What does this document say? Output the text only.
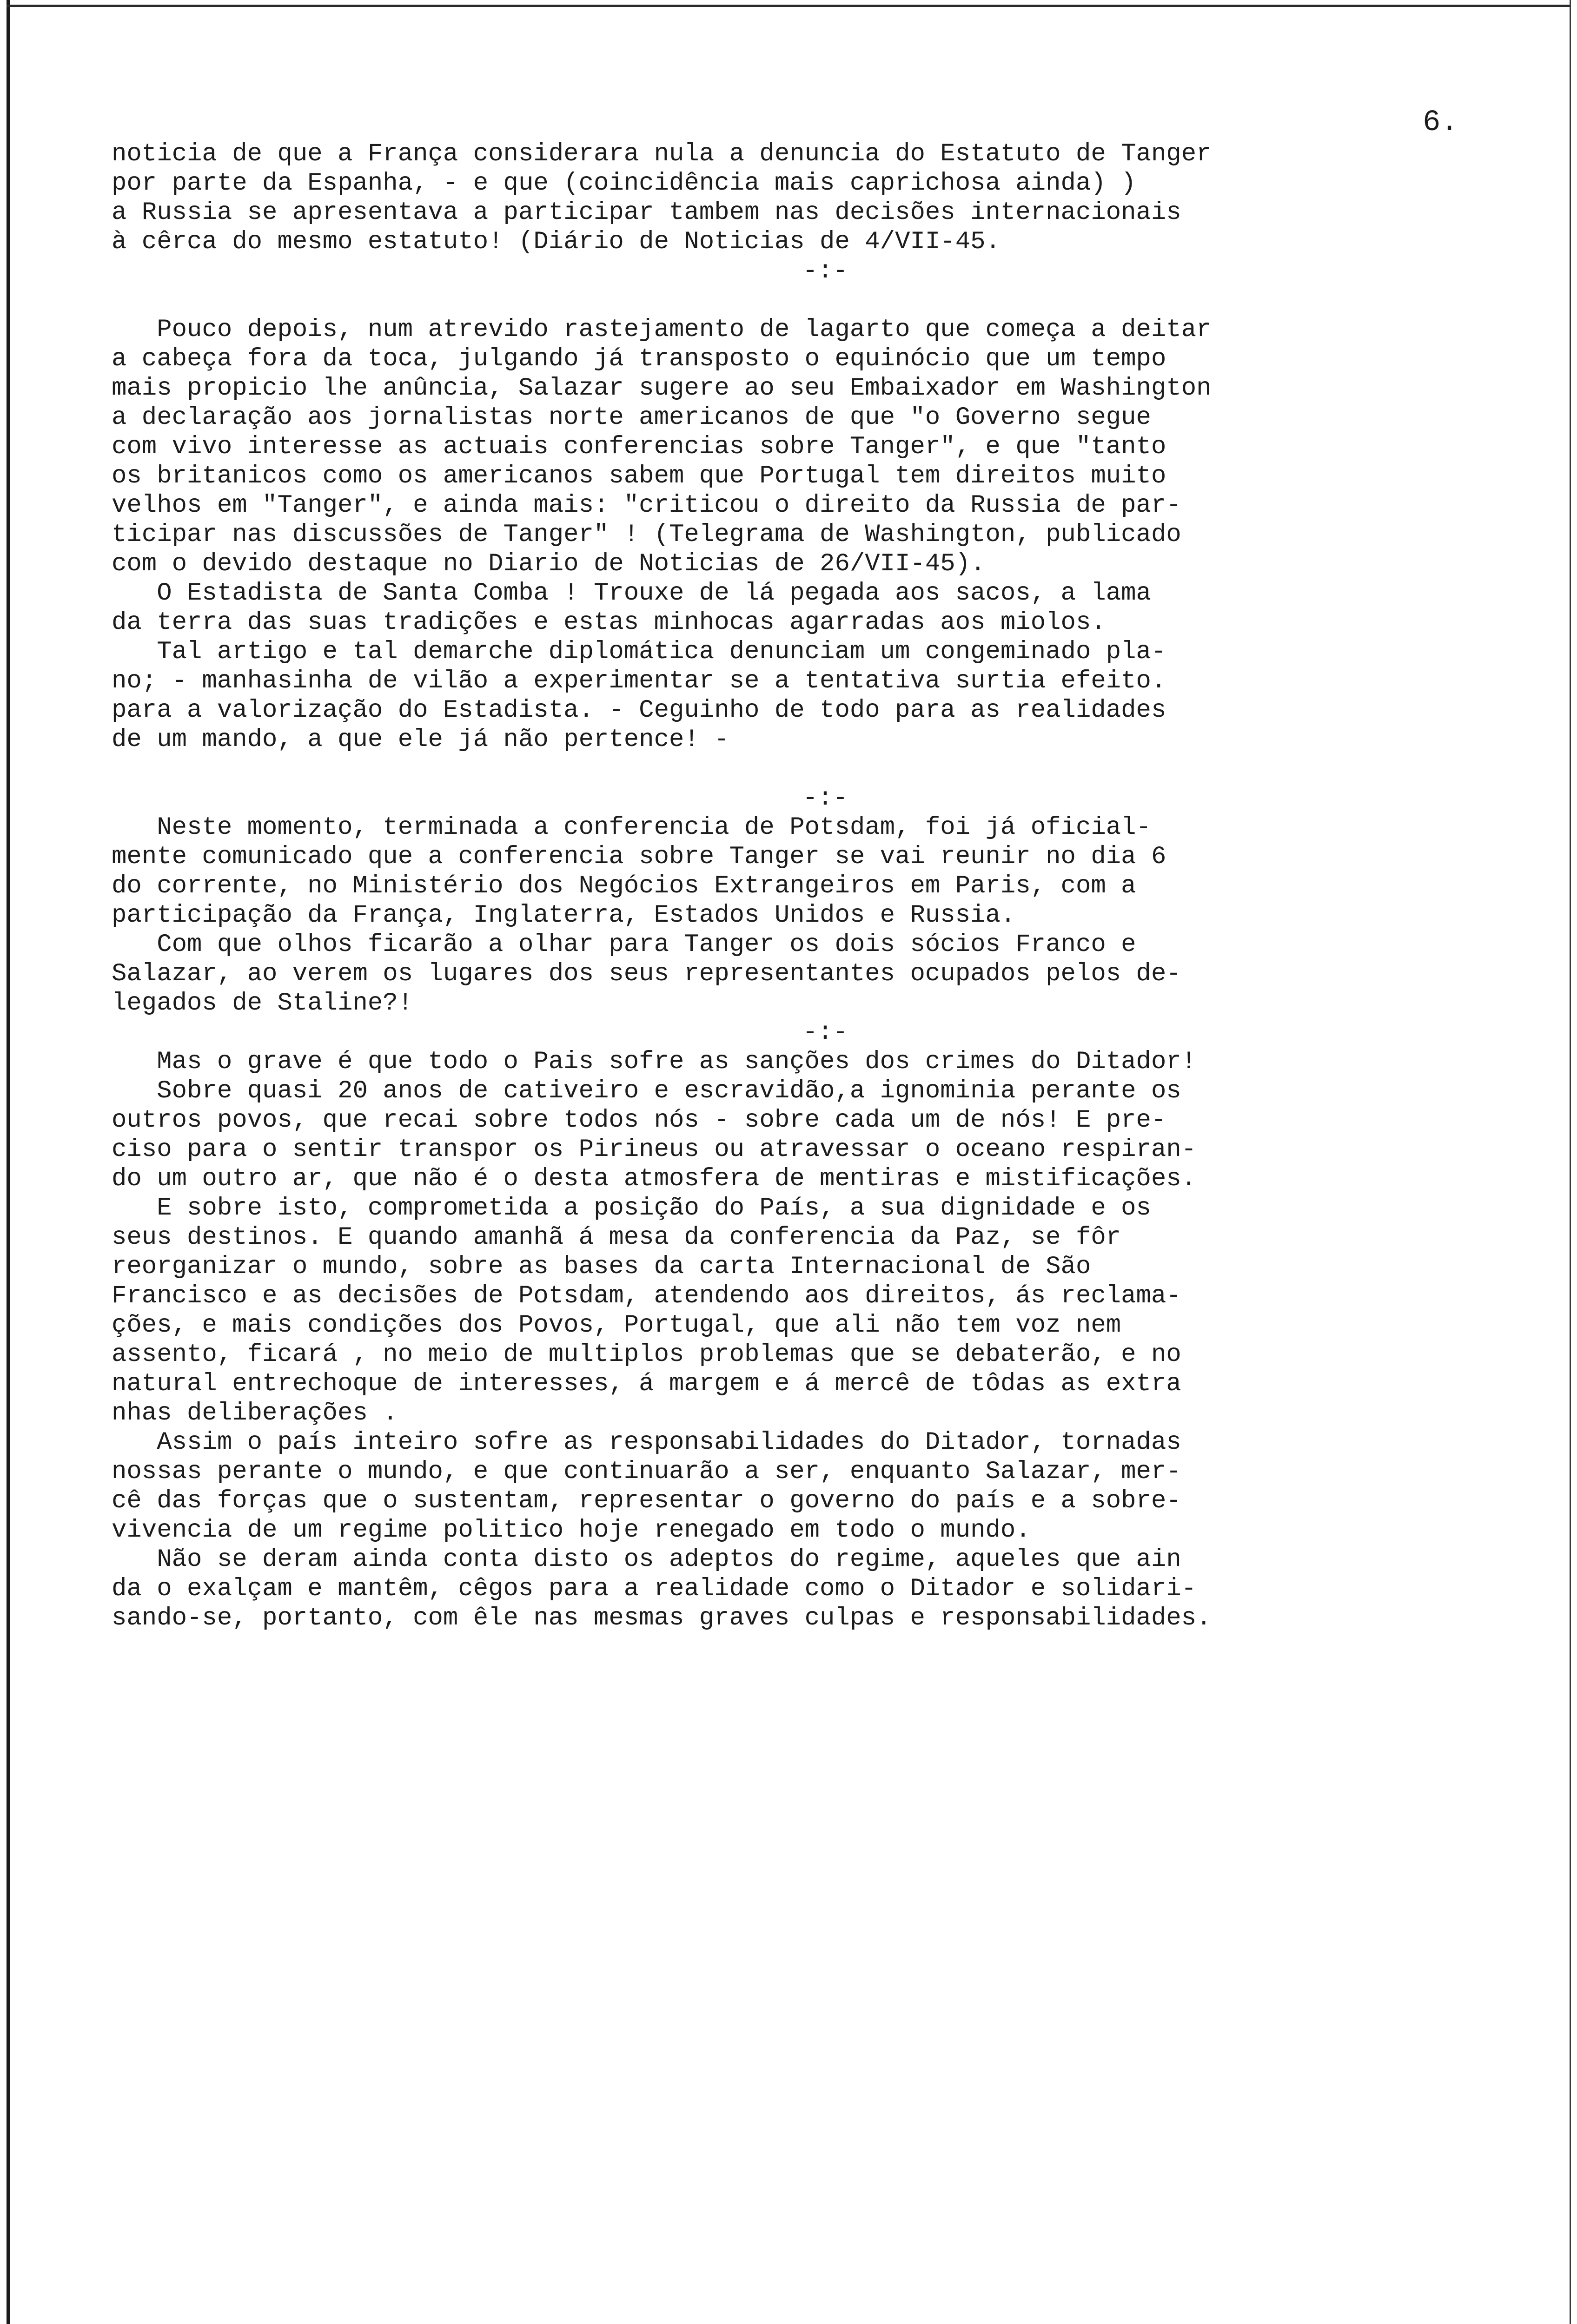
6.

noticia de que a França considerara nula a denuncia do Estatuto de Tanger
por parte da Espanha, - e que (coincidência mais caprichosa ainda) )
a Russia se apresentava a participar tambem nas decisões internacionais
à cêrca do mesmo estatuto! (Diário de Noticias de 4/VII-45.
-:-
Pouco depois, num atrevido rastejamento de lagarto que começa a deitar
a cabeça fora da toca, julgando já transposto o equinócio que um tempo
mais propicio lhe anûncia, Salazar sugere ao seu Embaixador em Washington
a declaração aos jornalistas norte americanos de que "o Governo segue
com vivo interesse as actuais conferencias sobre Tanger", e que "tanto
os britanicos como os americanos sabem que Portugal tem direitos muito
velhos em "Tanger", e ainda mais: "criticou o direito da Russia de par-
ticipar nas discussões de Tanger" ! (Telegrama de Washington, publicado
com o devido destaque no Diario de Noticias de 26/VII-45).
O Estadista de Santa Comba ! Trouxe de lá pegada aos sacos, a lama
da terra das suas tradições e estas minhocas agarradas aos miolos.
Tal artigo e tal demarche diplomática denunciam um congeminado pla-
no; - manhasinha de vilão a experimentar se a tentativa surtia efeito.
para a valorização do Estadista. - Ceguinho de todo para as realidades
de um mando, a que ele já não pertence! -
-:-
Neste momento, terminada a conferencia de Potsdam, foi já oficial-
mente comunicado que a conferencia sobre Tanger se vai reunir no dia 6
do corrente, no Ministério dos Negócios Extrangeiros em Paris, com a
participação da França, Inglaterra, Estados Unidos e Russia.
Com que olhos ficarão a olhar para Tanger os dois sócios Franco e
Salazar, ao verem os lugares dos seus representantes ocupados pelos de-
legados de Staline?!
-:-
Mas o grave é que todo o Pais sofre as sanções dos crimes do Ditador!
Sobre quasi 20 anos de cativeiro e escravidão,a ignominia perante os
outros povos, que recai sobre todos nós - sobre cada um de nós! E pre-
ciso para o sentir transpor os Pirineus ou atravessar o oceano respiran-
do um outro ar, que não é o desta atmosfera de mentiras e mistificações.
E sobre isto, comprometida a posição do País, a sua dignidade e os
seus destinos. E quando amanhã á mesa da conferencia da Paz, se fôr
reorganizar o mundo, sobre as bases da carta Internacional de São
Francisco e as decisões de Potsdam, atendendo aos direitos, ás reclama-
ções, e mais condições dos Povos, Portugal, que ali não tem voz nem
assento, ficará , no meio de multiplos problemas que se debaterão, e no
natural entrechoque de interesses, á margem e á mercê de tôdas as extra
nhas deliberações .
Assim o país inteiro sofre as responsabilidades do Ditador, tornadas
nossas perante o mundo, e que continuarão a ser, enquanto Salazar, mer-
cê das forças que o sustentam, representar o governo do país e a sobre-
vivencia de um regime politico hoje renegado em todo o mundo.
Não se deram ainda conta disto os adeptos do regime, aqueles que ain
da o exalçam e mantêm, cêgos para a realidade como o Ditador e solidari-
sando-se, portanto, com êle nas mesmas graves culpas e responsabilidades.
